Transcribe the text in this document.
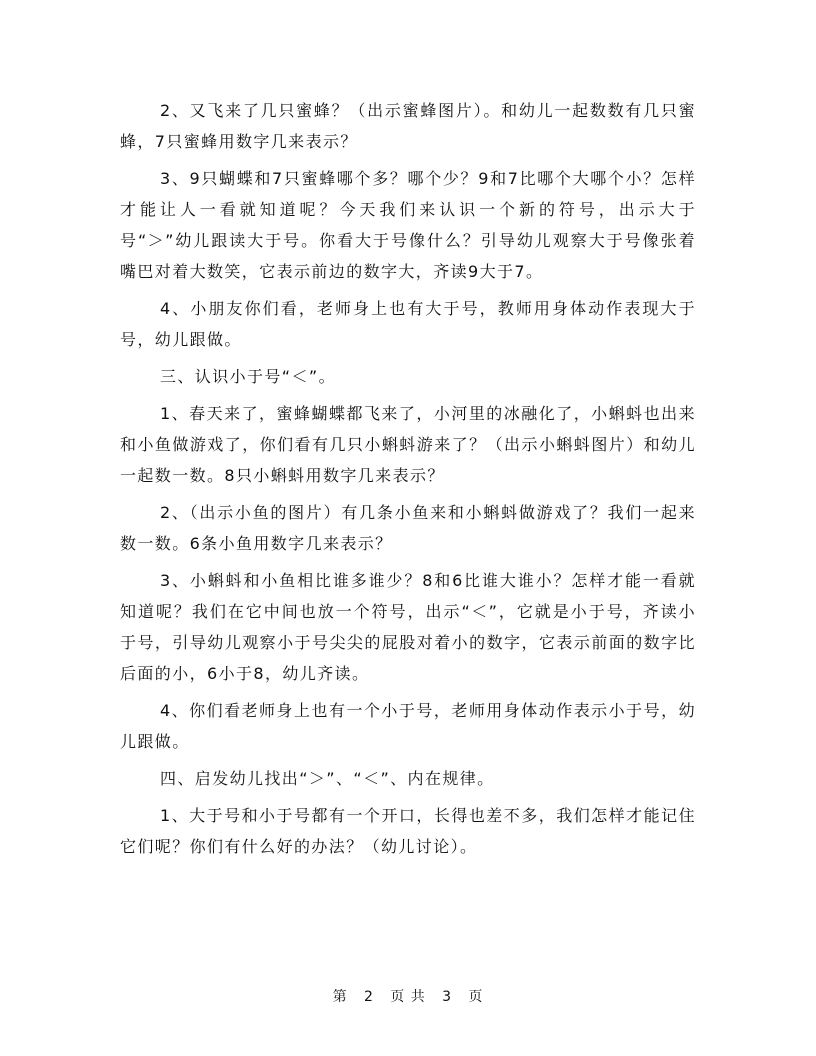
2、又飞来了几只蜜蜂？（出示蜜蜂图片）。和幼儿一起数数有几只蜜蜂，7只蜜蜂用数字几来表示？

3、9只蝴蝶和7只蜜蜂哪个多？哪个少？9和7比哪个大哪个小？怎样才能让人一看就知道呢？今天我们来认识一个新的符号，出示大于号“＞”幼儿跟读大于号。你看大于号像什么？引导幼儿观察大于号像张着嘴巴对着大数笑，它表示前边的数字大，齐读9大于7。

4、小朋友你们看，老师身上也有大于号，教师用身体动作表现大于号，幼儿跟做。

三、认识小于号“＜”。

1、春天来了，蜜蜂蝴蝶都飞来了，小河里的冰融化了，小蝌蚪也出来和小鱼做游戏了，你们看有几只小蝌蚪游来了？（出示小蝌蚪图片）和幼儿一起数一数。8只小蝌蚪用数字几来表示？

2、（出示小鱼的图片）有几条小鱼来和小蝌蚪做游戏了？我们一起来数一数。6条小鱼用数字几来表示？

3、小蝌蚪和小鱼相比谁多谁少？8和6比谁大谁小？怎样才能一看就知道呢？我们在它中间也放一个符号，出示“＜”，它就是小于号，齐读小于号，引导幼儿观察小于号尖尖的屁股对着小的数字，它表示前面的数字比后面的小，6小于8，幼儿齐读。

4、你们看老师身上也有一个小于号，老师用身体动作表示小于号，幼儿跟做。

四、启发幼儿找出“＞”、“＜”、内在规律。

1、大于号和小于号都有一个开口，长得也差不多，我们怎样才能记住它们呢？你们有什么好的办法？（幼儿讨论）。

第 2 页 共 3 页
